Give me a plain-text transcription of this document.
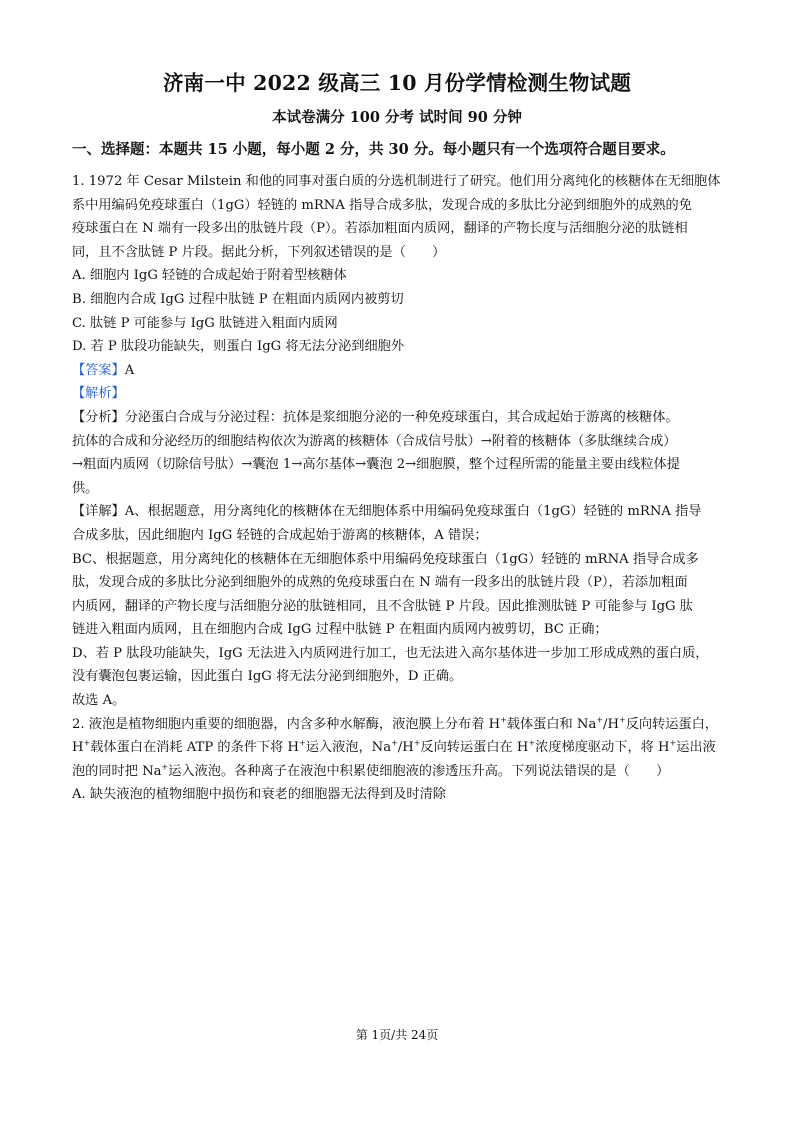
济南一中 2022 级高三 10 月份学情检测生物试题
本试卷满分 100 分考 试时间 90 分钟
一、选择题：本题共 15 小题，每小题 2 分，共 30 分。每小题只有一个选项符合题目要求。

1. 1972 年 Cesar Milstein 和他的同事对蛋白质的分选机制进行了研究。他们用分离纯化的核糖体在无细胞体
系中用编码免疫球蛋白（1gG）轻链的 mRNA 指导合成多肽，发现合成的多肽比分泌到细胞外的成熟的免
疫球蛋白在 N 端有一段多出的肽链片段（P）。若添加粗面内质网，翻译的产物长度与活细胞分泌的肽链相
同，且不含肽链 P 片段。据此分析，下列叙述错误的是（　　）

A. 细胞内 IgG 轻链的合成起始于附着型核糖体

B. 细胞内合成 IgG 过程中肽链 P 在粗面内质网内被剪切

C. 肽链 P 可能参与 IgG 肽链进入粗面内质网

D. 若 P 肽段功能缺失，则蛋白 IgG 将无法分泌到细胞外

【答案】A

【解析】

【分析】分泌蛋白合成与分泌过程：抗体是浆细胞分泌的一种免疫球蛋白，其合成起始于游离的核糖体。
抗体的合成和分泌经历的细胞结构依次为游离的核糖体（合成信号肽）→附着的核糖体（多肽继续合成）
→粗面内质网（切除信号肽）→囊泡 1→高尔基体→囊泡 2→细胞膜，整个过程所需的能量主要由线粒体提
供。

【详解】A、根据题意，用分离纯化的核糖体在无细胞体系中用编码免疫球蛋白（1gG）轻链的 mRNA 指导
合成多肽，因此细胞内 IgG 轻链的合成起始于游离的核糖体，A 错误；
BC、根据题意，用分离纯化的核糖体在无细胞体系中用编码免疫球蛋白（1gG）轻链的 mRNA 指导合成多
肽，发现合成的多肽比分泌到细胞外的成熟的免疫球蛋白在 N 端有一段多出的肽链片段（P），若添加粗面
内质网，翻译的产物长度与活细胞分泌的肽链相同，且不含肽链 P 片段。因此推测肽链 P 可能参与 IgG 肽
链进入粗面内质网，且在细胞内合成 IgG 过程中肽链 P 在粗面内质网内被剪切，BC 正确；
D、若 P 肽段功能缺失，IgG 无法进入内质网进行加工，也无法进入高尔基体进一步加工形成成熟的蛋白质，
没有囊泡包裹运输，因此蛋白 IgG 将无法分泌到细胞外，D 正确。
故选 A。

2. 液泡是植物细胞内重要的细胞器，内含多种水解酶，液泡膜上分布着 H+载体蛋白和 Na+/H+反向转运蛋白，
H+载体蛋白在消耗 ATP 的条件下将 H+运入液泡，Na+/H+反向转运蛋白在 H+浓度梯度驱动下，将 H+运出液
泡的同时把 Na+运入液泡。各种离子在液泡中积累使细胞液的渗透压升高。下列说法错误的是（　　）

A. 缺失液泡的植物细胞中损伤和衰老的细胞器无法得到及时清除

第 1页/共 24页
